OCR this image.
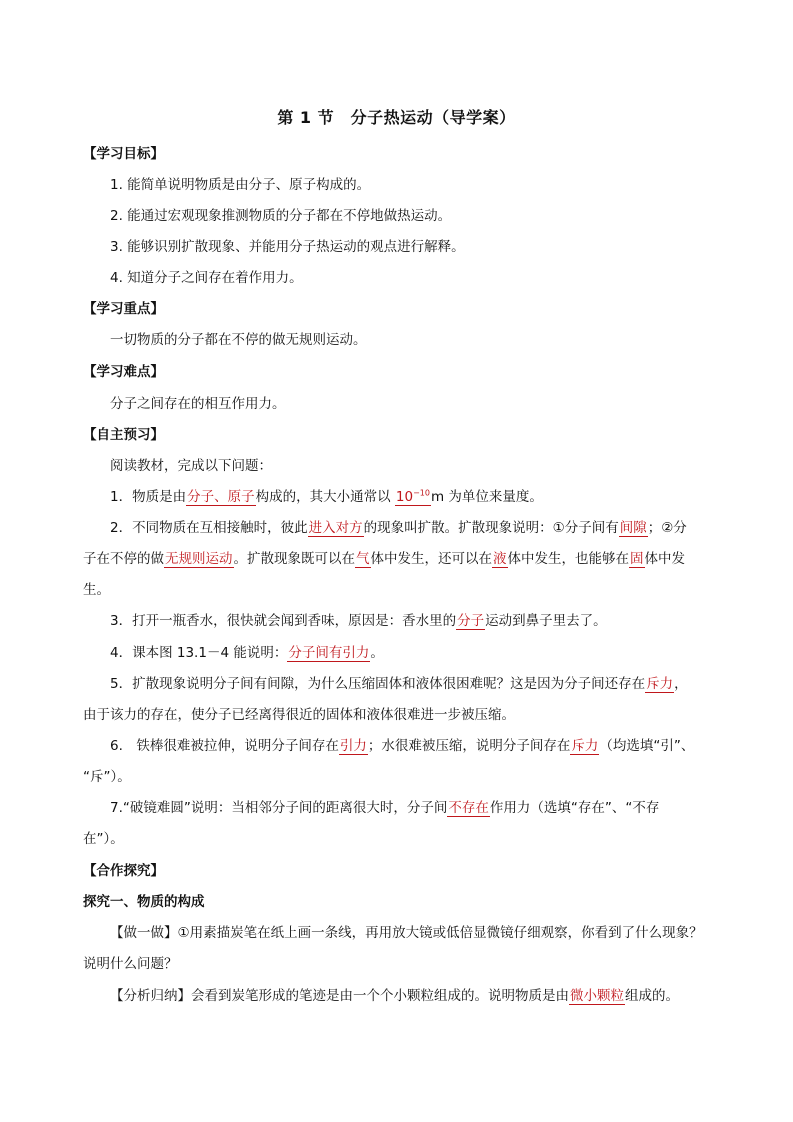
第 1 节　分子热运动（导学案）
【学习目标】
1. 能简单说明物质是由分子、原子构成的。
2. 能通过宏观现象推测物质的分子都在不停地做热运动。
3. 能够识别扩散现象、并能用分子热运动的观点进行解释。
4. 知道分子之间存在着作用力。
【学习重点】
一切物质的分子都在不停的做无规则运动。
【学习难点】
分子之间存在的相互作用力。
【自主预习】
阅读教材，完成以下问题：
1．物质是由分子、原子构成的，其大小通常以 $10^{-10}m$ 为单位来量度。
2．不同物质在互相接触时，彼此进入对方的现象叫扩散。扩散现象说明：①分子间有间隙；②分
子在不停的做无规则运动。扩散现象既可以在气体中发生，还可以在液体中发生，也能够在固体中发
生。
3．打开一瓶香水，很快就会闻到香味，原因是：香水里的分子运动到鼻子里去了。
4．课本图 13.1－4 能说明：分子间有引力。
5．扩散现象说明分子间有间隙，为什么压缩固体和液体很困难呢？这是因为分子间还存在斥力，
由于该力的存在，使分子已经离得很近的固体和液体很难进一步被压缩。
6.　铁棒很难被拉伸，说明分子间存在引力；水很难被压缩，说明分子间存在斥力（均选填“引”、
“斥”）。
7.“破镜难圆”说明：当相邻分子间的距离很大时，分子间不存在作用力（选填“存在”、“不存
在”）。
【合作探究】
探究一、物质的构成
【做一做】①用素描炭笔在纸上画一条线，再用放大镜或低倍显微镜仔细观察，你看到了什么现象？
说明什么问题？
【分析归纳】会看到炭笔形成的笔迹是由一个个小颗粒组成的。说明物质是由微小颗粒组成的。
